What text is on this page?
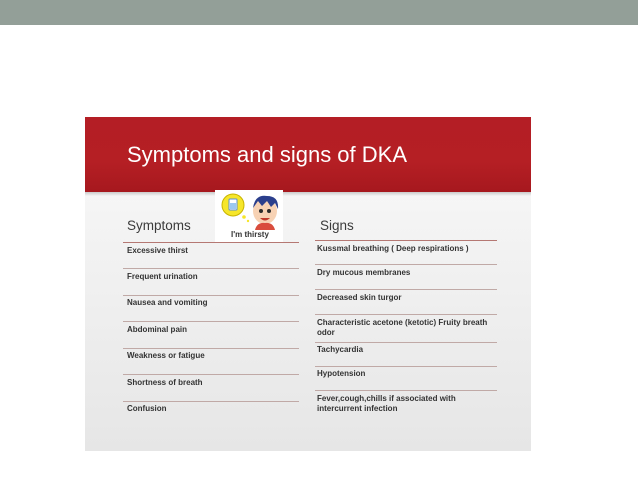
Symptoms and signs of DKA
Symptoms	Signs
I'm thirsty
Excessive thirst
Frequent urination
Nausea and vomiting
Abdominal pain
Weakness or fatigue
Shortness of breath
Confusion
Kussmal breathing ( Deep respirations )
Dry mucous membranes
Decreased skin turgor
Characteristic acetone (ketotic) Fruity breath odor
Tachycardia
Hypotension
Fever,cough,chills if associated with intercurrent infection
